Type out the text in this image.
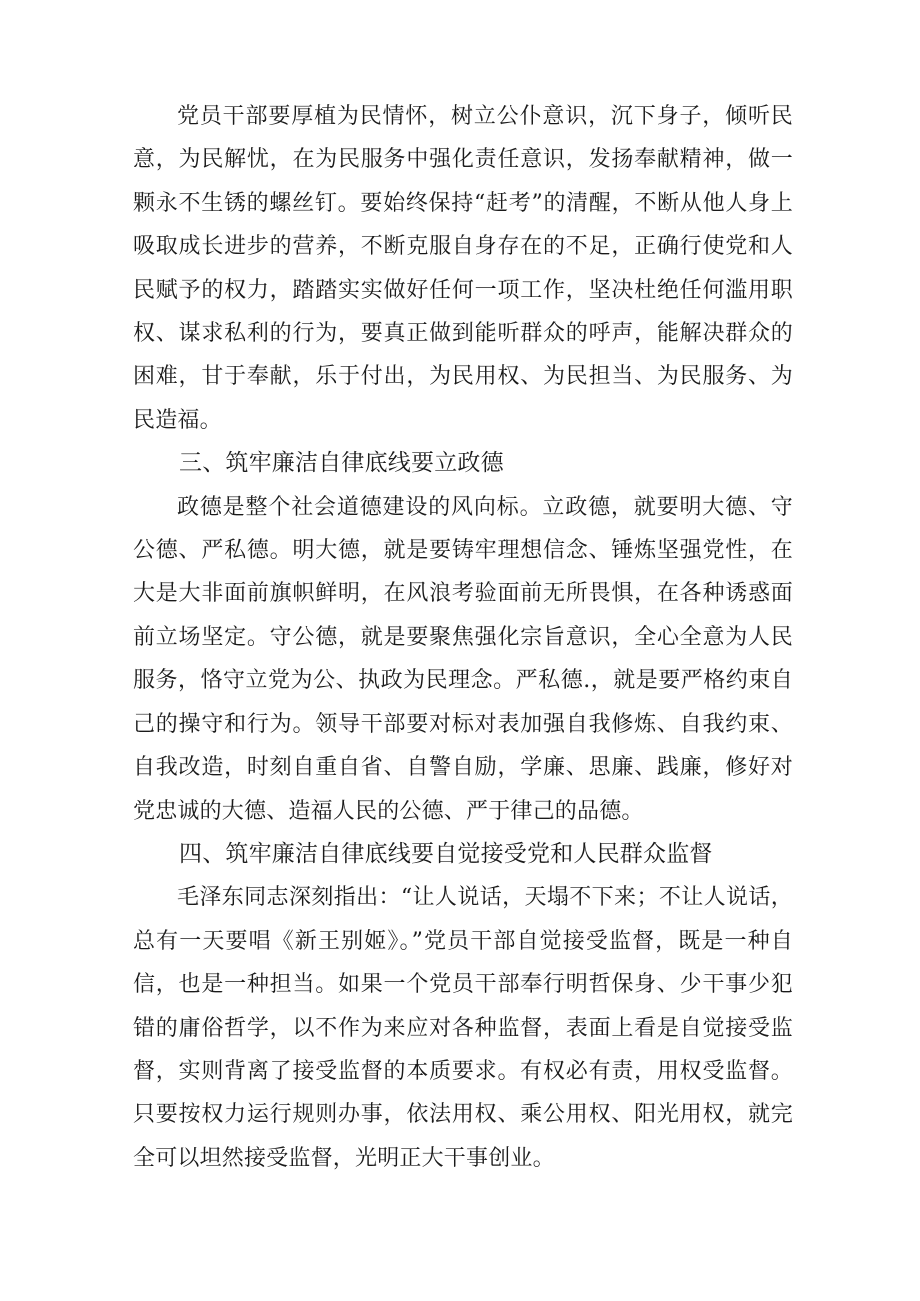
党员干部要厚植为民情怀，树立公仆意识，沉下身子，倾听民意，为民解忧，在为民服务中强化责任意识，发扬奉献精神，做一颗永不生锈的螺丝钉。要始终保持“赶考”的清醒，不断从他人身上吸取成长进步的营养，不断克服自身存在的不足，正确行使党和人民赋予的权力，踏踏实实做好任何一项工作，坚决杜绝任何滥用职权、谋求私利的行为，要真正做到能听群众的呼声，能解决群众的困难，甘于奉献，乐于付出，为民用权、为民担当、为民服务、为民造福。

三、筑牢廉洁自律底线要立政德

政德是整个社会道德建设的风向标。立政德，就要明大德、守公德、严私德。明大德，就是要铸牢理想信念、锤炼坚强党性，在大是大非面前旗帜鲜明，在风浪考验面前无所畏惧，在各种诱惑面前立场坚定。守公德，就是要聚焦强化宗旨意识，全心全意为人民服务，恪守立党为公、执政为民理念。严私德.，就是要严格约束自己的操守和行为。领导干部要对标对表加强自我修炼、自我约束、自我改造，时刻自重自省、自警自励，学廉、思廉、践廉，修好对党忠诚的大德、造福人民的公德、严于律己的品德。

四、筑牢廉洁自律底线要自觉接受党和人民群众监督

毛泽东同志深刻指出：“让人说话，天塌不下来；不让人说话，总有一天要唱《新王别姬》。”党员干部自觉接受监督，既是一种自信，也是一种担当。如果一个党员干部奉行明哲保身、少干事少犯错的庸俗哲学，以不作为来应对各种监督，表面上看是自觉接受监督，实则背离了接受监督的本质要求。有权必有责，用权受监督。只要按权力运行规则办事，依法用权、乘公用权、阳光用权，就完全可以坦然接受监督，光明正大干事创业。
